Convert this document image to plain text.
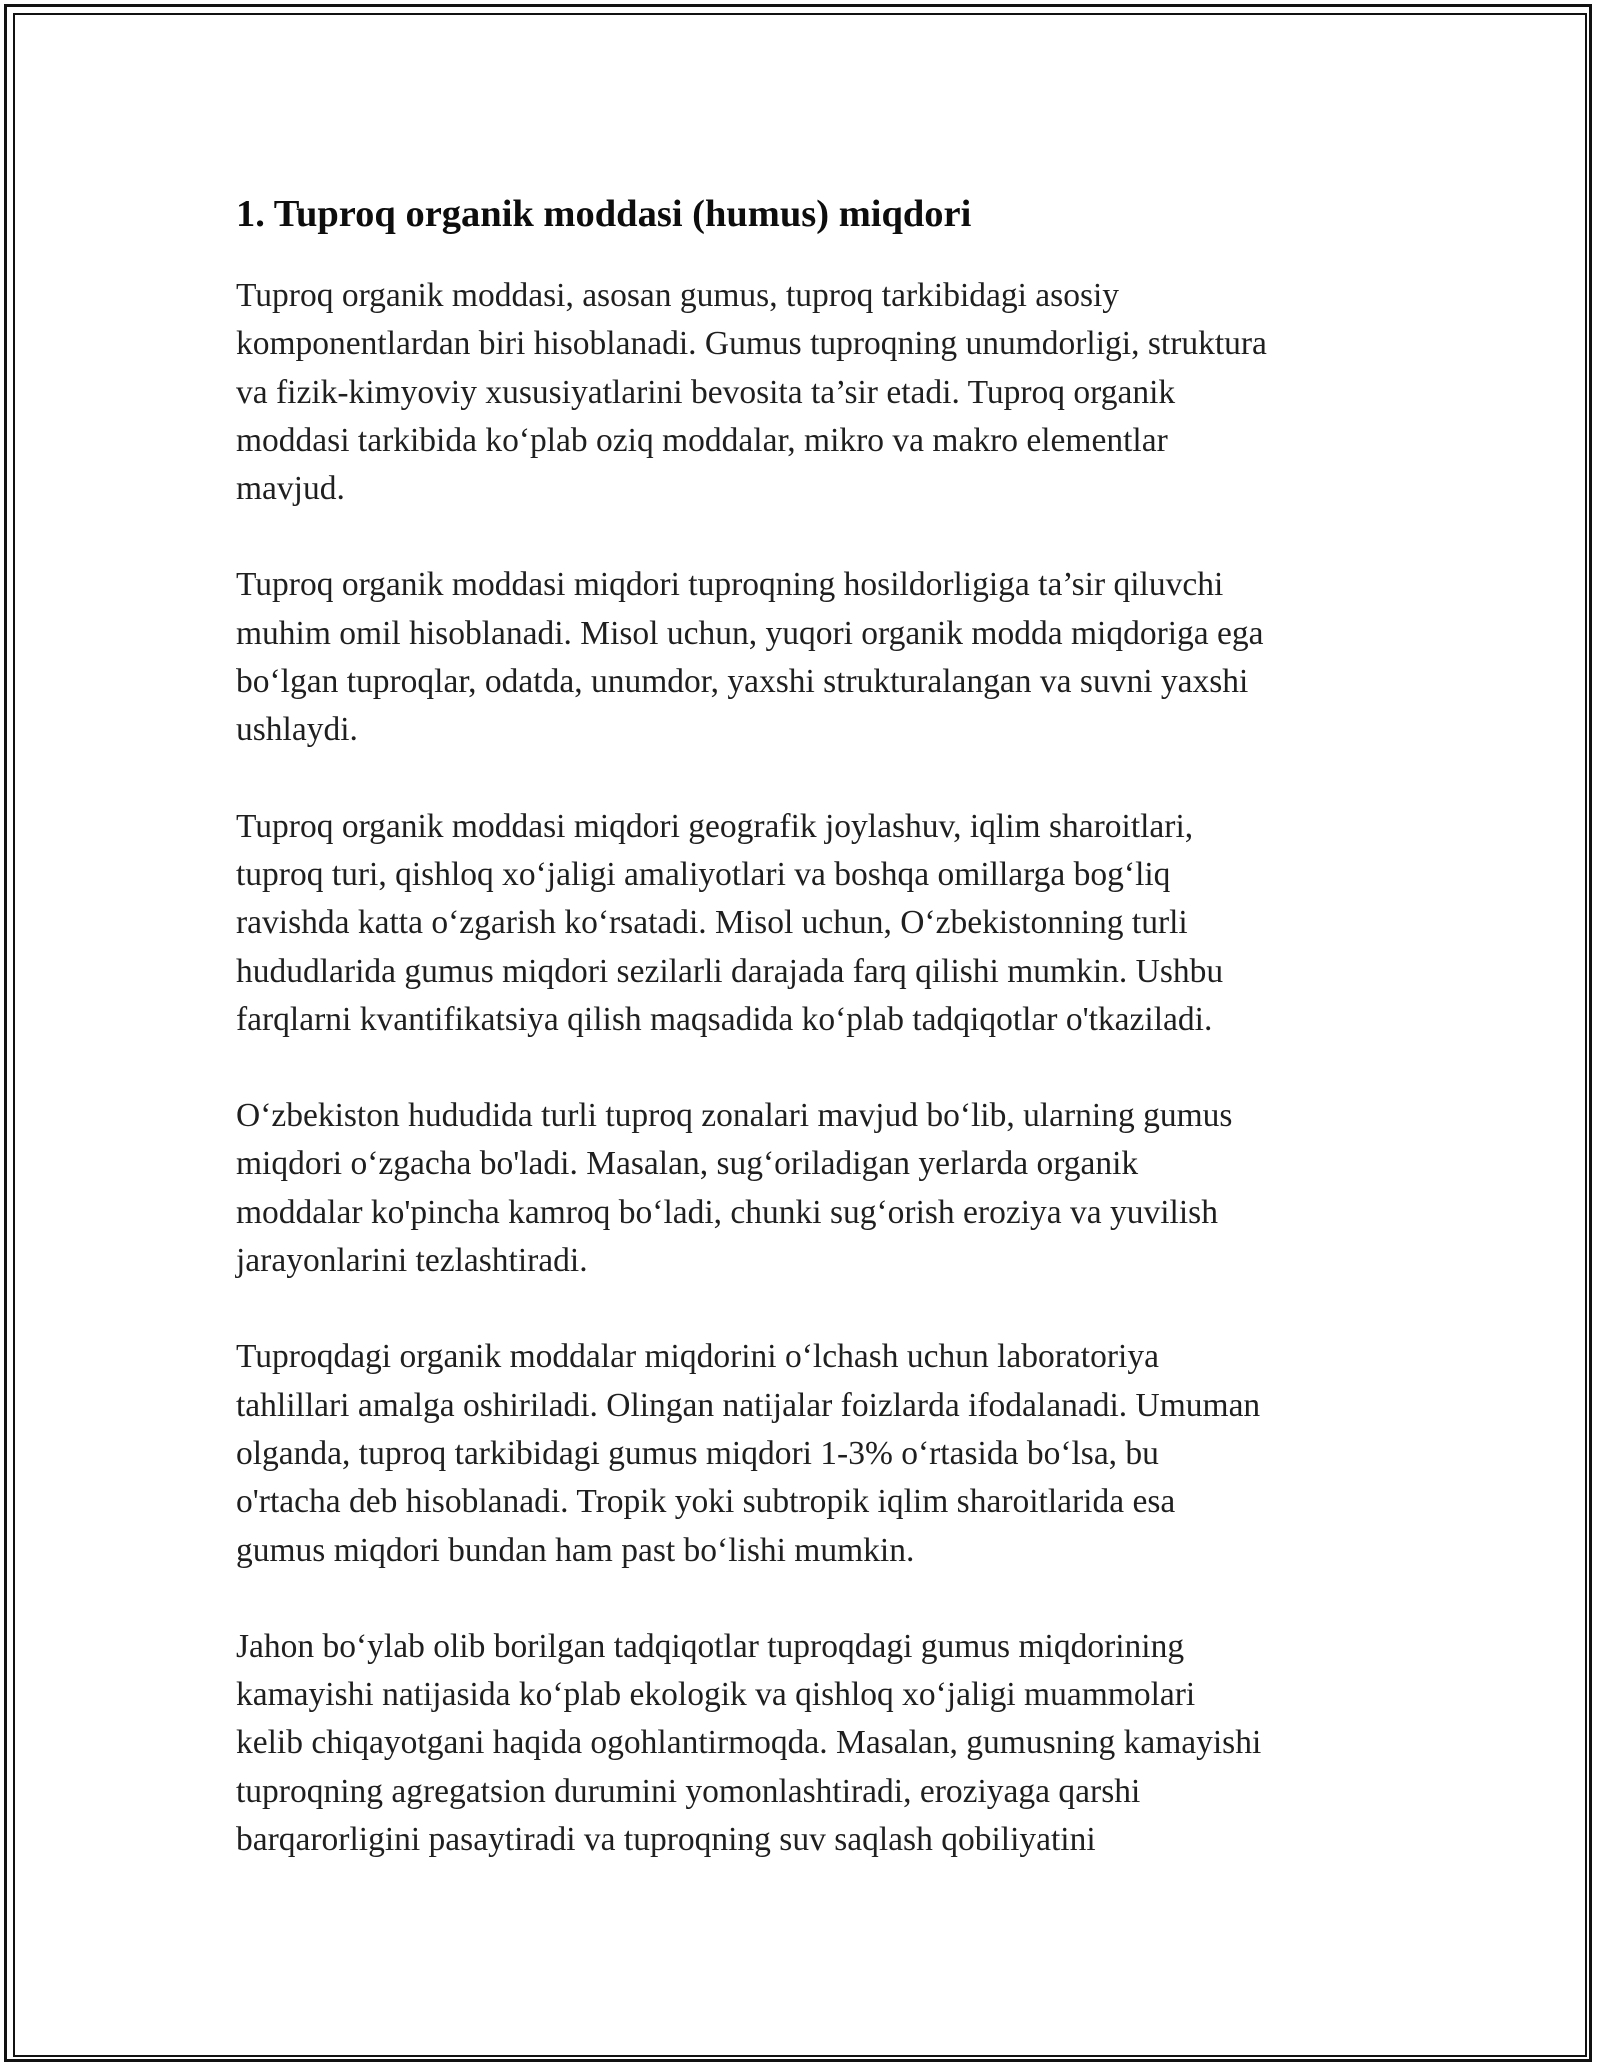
1. Tuproq organik moddasi (humus) miqdori

Tuproq organik moddasi, asosan gumus, tuproq tarkibidagi asosiy
komponentlardan biri hisoblanadi. Gumus tuproqning unumdorligi, struktura
va fizik-kimyoviy xususiyatlarini bevosita ta’sir etadi. Tuproq organik
moddasi tarkibida ko‘plab oziq moddalar, mikro va makro elementlar
mavjud.

Tuproq organik moddasi miqdori tuproqning hosildorligiga ta’sir qiluvchi
muhim omil hisoblanadi. Misol uchun, yuqori organik modda miqdoriga ega
bo‘lgan tuproqlar, odatda, unumdor, yaxshi strukturalangan va suvni yaxshi
ushlaydi.

Tuproq organik moddasi miqdori geografik joylashuv, iqlim sharoitlari,
tuproq turi, qishloq xo‘jaligi amaliyotlari va boshqa omillarga bog‘liq
ravishda katta o‘zgarish ko‘rsatadi. Misol uchun, O‘zbekistonning turli
hududlarida gumus miqdori sezilarli darajada farq qilishi mumkin. Ushbu
farqlarni kvantifikatsiya qilish maqsadida ko‘plab tadqiqotlar o'tkaziladi.

O‘zbekiston hududida turli tuproq zonalari mavjud bo‘lib, ularning gumus
miqdori o‘zgacha bo'ladi. Masalan, sug‘oriladigan yerlarda organik
moddalar ko'pincha kamroq bo‘ladi, chunki sug‘orish eroziya va yuvilish
jarayonlarini tezlashtiradi.

Tuproqdagi organik moddalar miqdorini o‘lchash uchun laboratoriya
tahlillari amalga oshiriladi. Olingan natijalar foizlarda ifodalanadi. Umuman
olganda, tuproq tarkibidagi gumus miqdori 1-3% o‘rtasida bo‘lsa, bu
o'rtacha deb hisoblanadi. Tropik yoki subtropik iqlim sharoitlarida esa
gumus miqdori bundan ham past bo‘lishi mumkin.

Jahon bo‘ylab olib borilgan tadqiqotlar tuproqdagi gumus miqdorining
kamayishi natijasida ko‘plab ekologik va qishloq xo‘jaligi muammolari
kelib chiqayotgani haqida ogohlantirmoqda. Masalan, gumusning kamayishi
tuproqning agregatsion durumini yomonlashtiradi, eroziyaga qarshi
barqarorligini pasaytiradi va tuproqning suv saqlash qobiliyatini
